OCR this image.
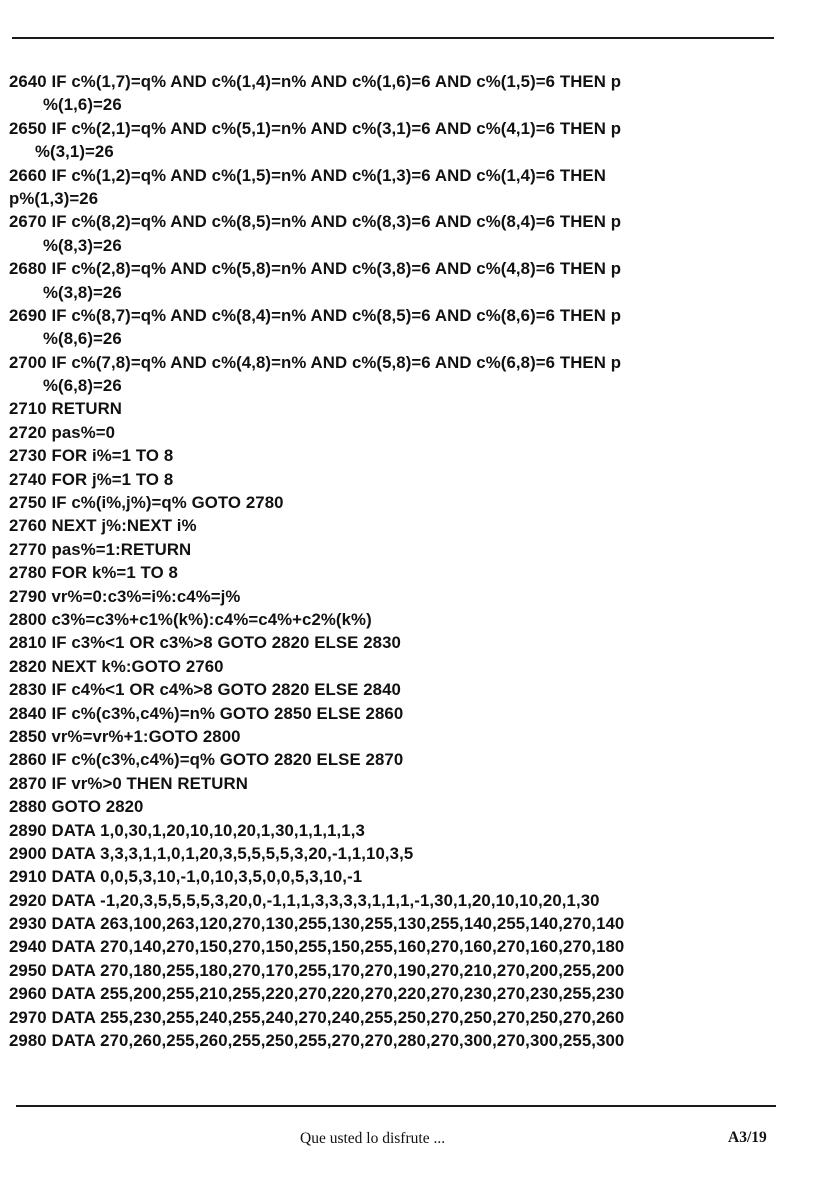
2640 IF c%(1,7)=q% AND c%(1,4)=n% AND c%(1,6)=6 AND c%(1,5)=6 THEN p
%(1,6)=26
2650 IF c%(2,1)=q% AND c%(5,1)=n% AND c%(3,1)=6 AND c%(4,1)=6 THEN p
%(3,1)=26
2660 IF c%(1,2)=q% AND c%(1,5)=n% AND c%(1,3)=6 AND c%(1,4)=6 THEN
p%(1,3)=26
2670 IF c%(8,2)=q% AND c%(8,5)=n% AND c%(8,3)=6 AND c%(8,4)=6 THEN p
%(8,3)=26
2680 IF c%(2,8)=q% AND c%(5,8)=n% AND c%(3,8)=6 AND c%(4,8)=6 THEN p
%(3,8)=26
2690 IF c%(8,7)=q% AND c%(8,4)=n% AND c%(8,5)=6 AND c%(8,6)=6 THEN p
%(8,6)=26
2700 IF c%(7,8)=q% AND c%(4,8)=n% AND c%(5,8)=6 AND c%(6,8)=6 THEN p
%(6,8)=26
2710 RETURN
2720 pas%=0
2730 FOR i%=1 TO 8
2740 FOR j%=1 TO 8
2750 IF c%(i%,j%)=q% GOTO 2780
2760 NEXT j%:NEXT i%
2770 pas%=1:RETURN
2780 FOR k%=1 TO 8
2790 vr%=0:c3%=i%:c4%=j%
2800 c3%=c3%+c1%(k%):c4%=c4%+c2%(k%)
2810 IF c3%<1 OR c3%>8 GOTO 2820 ELSE 2830
2820 NEXT k%:GOTO 2760
2830 IF c4%<1 OR c4%>8 GOTO 2820 ELSE 2840
2840 IF c%(c3%,c4%)=n% GOTO 2850 ELSE 2860
2850 vr%=vr%+1:GOTO 2800
2860 IF c%(c3%,c4%)=q% GOTO 2820 ELSE 2870
2870 IF vr%>0 THEN RETURN
2880 GOTO 2820
2890 DATA 1,0,30,1,20,10,10,20,1,30,1,1,1,1,3
2900 DATA 3,3,3,1,1,0,1,20,3,5,5,5,5,3,20,-1,1,10,3,5
2910 DATA 0,0,5,3,10,-1,0,10,3,5,0,0,5,3,10,-1
2920 DATA -1,20,3,5,5,5,5,3,20,0,-1,1,1,3,3,3,3,1,1,1,-1,30,1,20,10,10,20,1,30
2930 DATA 263,100,263,120,270,130,255,130,255,130,255,140,255,140,270,140
2940 DATA 270,140,270,150,270,150,255,150,255,160,270,160,270,160,270,180
2950 DATA 270,180,255,180,270,170,255,170,270,190,270,210,270,200,255,200
2960 DATA 255,200,255,210,255,220,270,220,270,220,270,230,270,230,255,230
2970 DATA 255,230,255,240,255,240,270,240,255,250,270,250,270,250,270,260
2980 DATA 270,260,255,260,255,250,255,270,270,280,270,300,270,300,255,300
Que usted lo disfrute ...	A3/19
